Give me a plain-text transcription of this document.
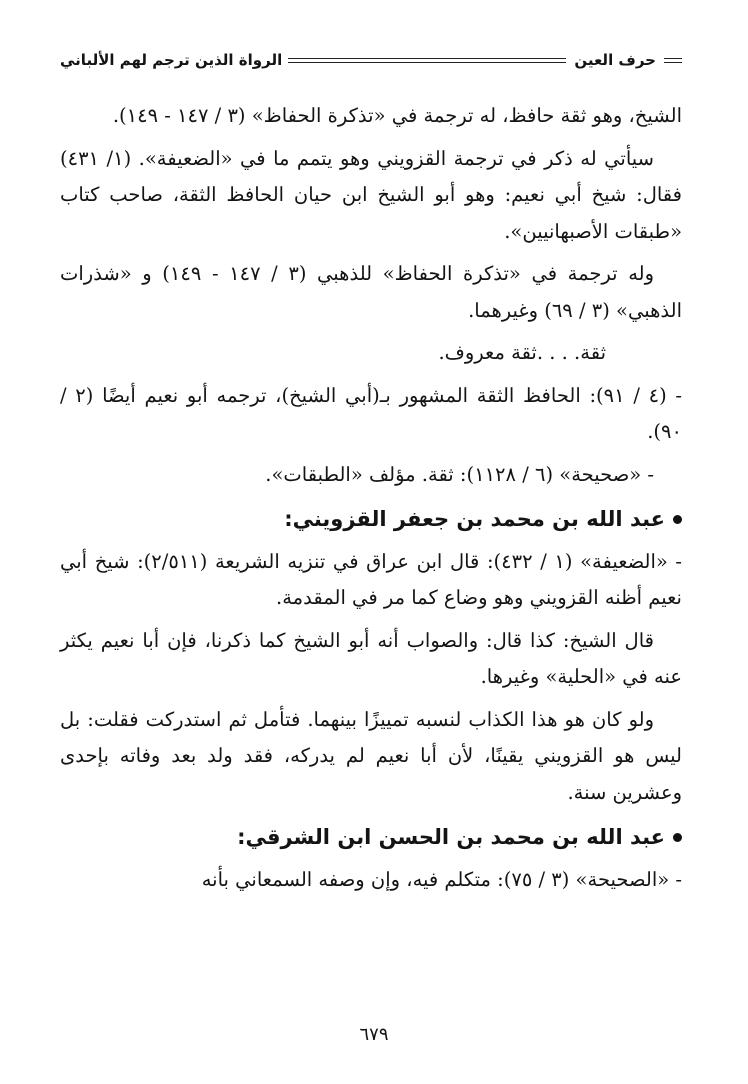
حرف العين
الرواة الذين ترجم لهم الألباني

الشيخ، وهو ثقة حافظ، له ترجمة في «تذكرة الحفاظ» (٣ / ١٤٧ - ١٤٩).

سيأتي له ذكر في ترجمة القزويني وهو يتمم ما في «الضعيفة». (١/ ٤٣١) فقال: شيخ أبي نعيم: وهو أبو الشيخ ابن حيان الحافظ الثقة، صاحب كتاب «طبقات الأصبهانيين».

وله ترجمة في «تذكرة الحفاظ» للذهبي (٣ / ١٤٧ - ١٤٩) و «شذرات الذهبي» (٣ / ٦٩) وغيرهما.

ثقة. . . .ثقة معروف.

- (٤ / ٩١): الحافظ الثقة المشهور بـ(أبي الشيخ)، ترجمه أبو نعيم أيضًا (٢ / ٩٠).

- «صحيحة» (٦ / ١١٢٨): ثقة. مؤلف «الطبقات».

عبد الله بن محمد بن جعفر القزويني:

- «الضعيفة» (١ / ٤٣٢): قال ابن عراق في تنزيه الشريعة (٢/٥١١): شيخ أبي نعيم أظنه القزويني وهو وضاع كما مر في المقدمة.

قال الشيخ: كذا قال: والصواب أنه أبو الشيخ كما ذكرنا، فإن أبا نعيم يكثر عنه في «الحلية» وغيرها.

ولو كان هو هذا الكذاب لنسبه تمييزًا بينهما. فتأمل ثم استدركت فقلت: بل ليس هو القزويني يقينًا، لأن أبا نعيم لم يدركه، فقد ولد بعد وفاته بإحدى وعشرين سنة.

عبد الله بن محمد بن الحسن ابن الشرقي:

- «الصحيحة» (٣ / ٧٥): متكلم فيه، وإن وصفه السمعاني بأنه

٦٧٩
